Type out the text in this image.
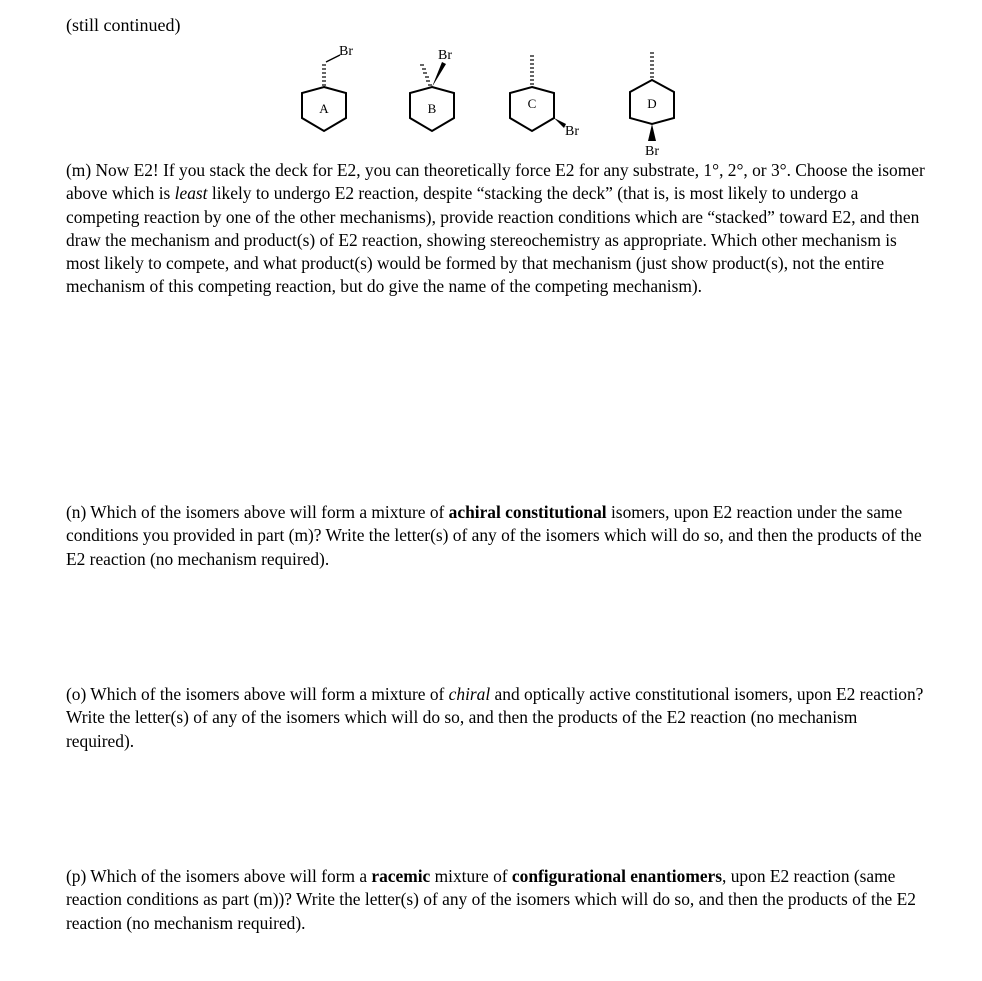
(still continued)
Br
A
Br
B
Br
C
Br
D

(m) Now E2! If you stack the deck for E2, you can theoretically force E2 for any substrate, 1°, 2°, or 3°. Choose the isomer above which is least likely to undergo E2 reaction, despite “stacking the deck” (that is, is most likely to undergo a competing reaction by one of the other mechanisms), provide reaction conditions which are “stacked” toward E2, and then draw the mechanism and product(s) of E2 reaction, showing stereochemistry as appropriate. Which other mechanism is most likely to compete, and what product(s) would be formed by that mechanism (just show product(s), not the entire mechanism of this competing reaction, but do give the name of the competing mechanism).

(n) Which of the isomers above will form a mixture of achiral constitutional isomers, upon E2 reaction under the same conditions you provided in part (m)? Write the letter(s) of any of the isomers which will do so, and then the products of the E2 reaction (no mechanism required).

(o) Which of the isomers above will form a mixture of chiral and optically active constitutional isomers, upon E2 reaction? Write the letter(s) of any of the isomers which will do so, and then the products of the E2 reaction (no mechanism required).

(p) Which of the isomers above will form a racemic mixture of configurational enantiomers, upon E2 reaction (same reaction conditions as part (m))? Write the letter(s) of any of the isomers which will do so, and then the products of the E2 reaction (no mechanism required).
